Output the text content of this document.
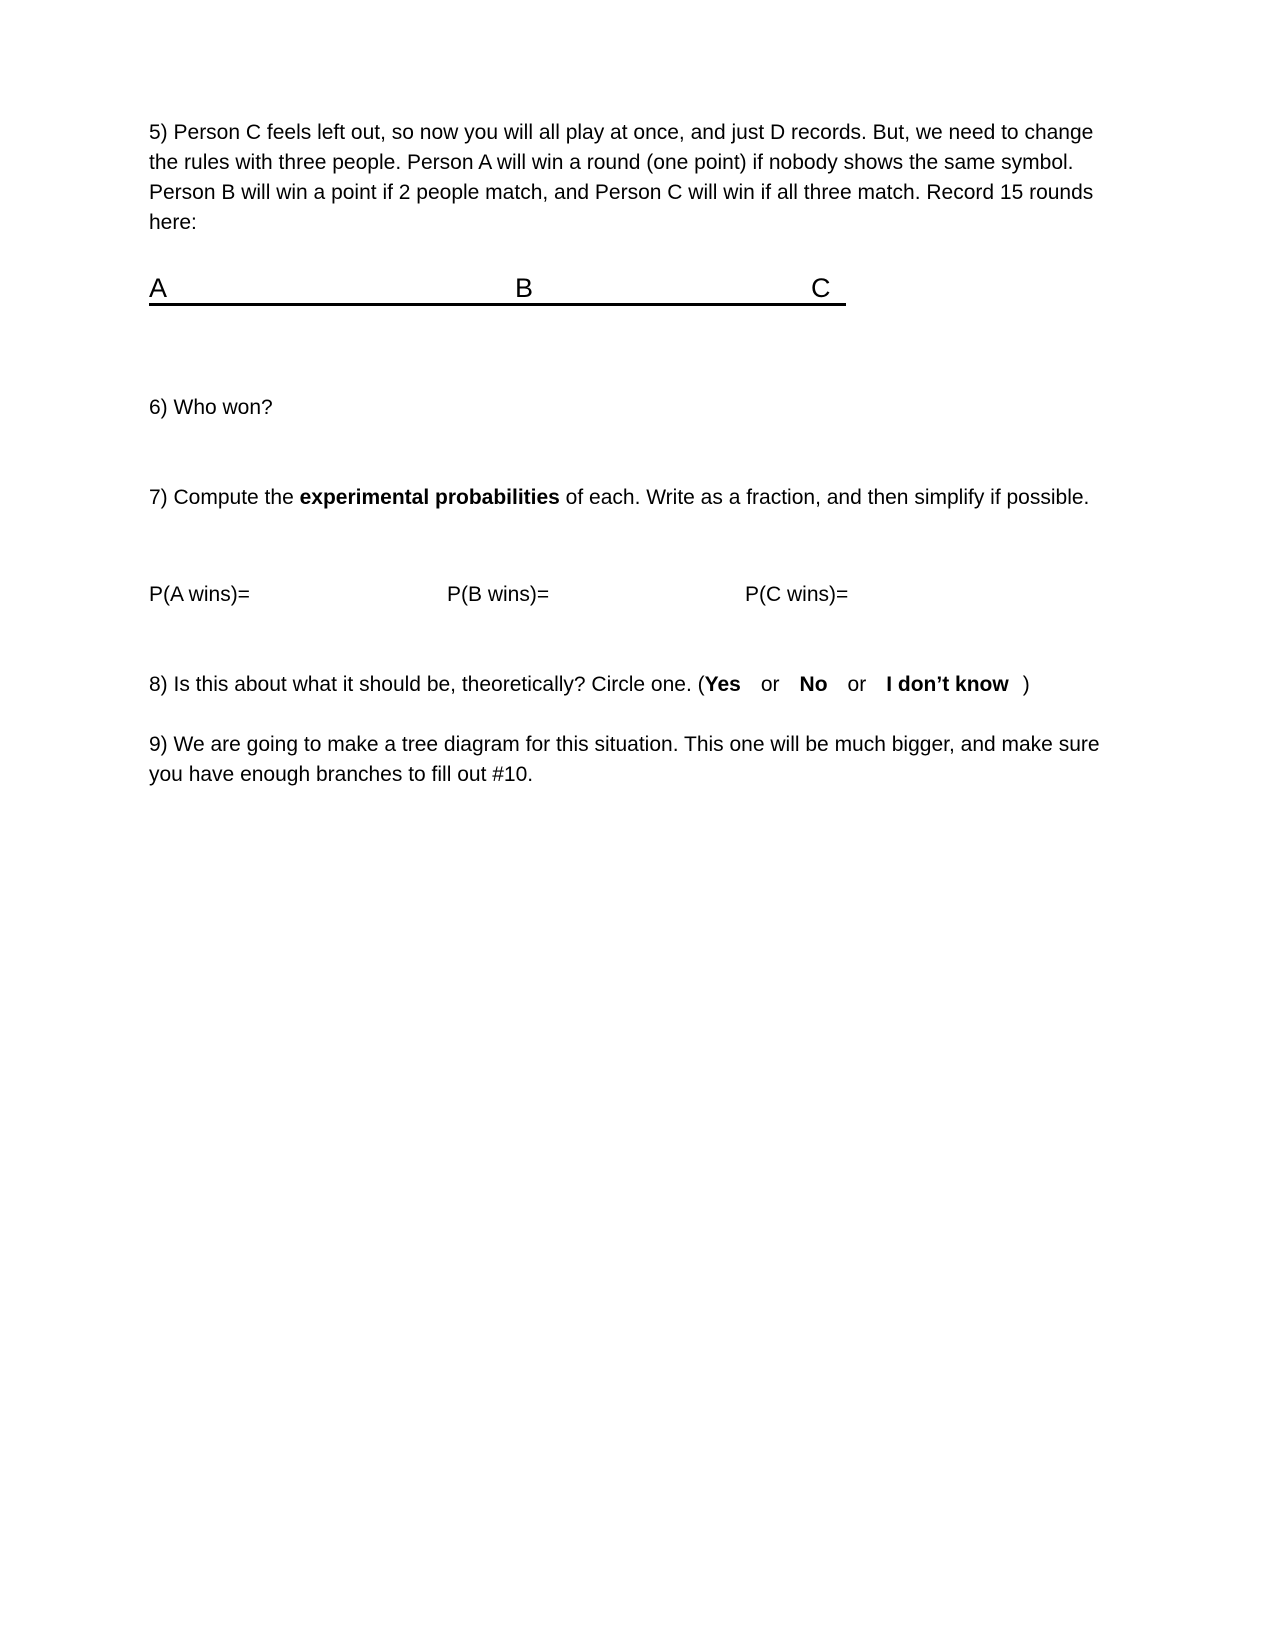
5) Person C feels left out, so now you will all play at once, and just D records. But, we need to change the rules with three people. Person A will win a round (one point) if nobody shows the same symbol. Person B will win a point if 2 people match, and Person C will win if all three match. Record 15 rounds here:

A	B	C

6) Who won?

7) Compute the experimental probabilities of each. Write as a fraction, and then simplify if possible.

P(A wins)=	P(B wins)=	P(C wins)=

8) Is this about what it should be, theoretically? Circle one. (Yes or No or I don’t know )

9) We are going to make a tree diagram for this situation. This one will be much bigger, and make sure you have enough branches to fill out #10.
